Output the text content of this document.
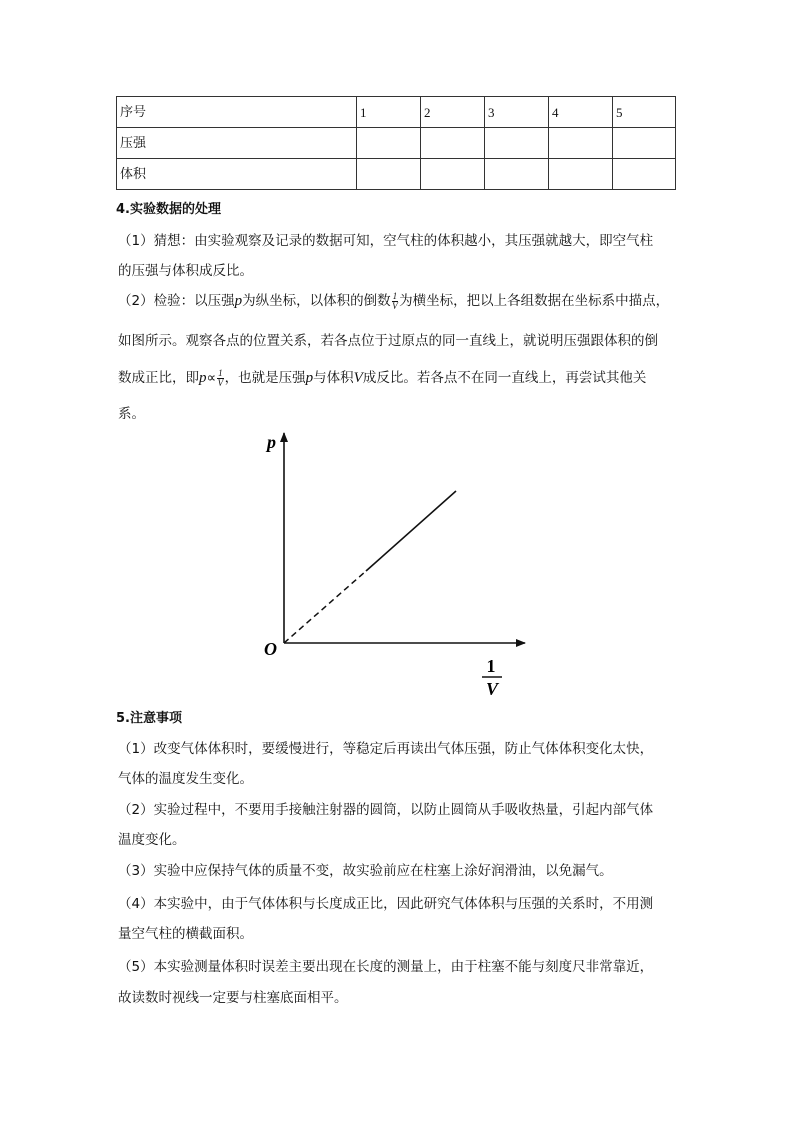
序号	1	2	3	4	5
压强					
体积					
4.实验数据的处理
（1）猜想：由实验观察及记录的数据可知，空气柱的体积越小，其压强就越大，即空气柱
的压强与体积成反比。
（2）检验：以压强p为纵坐标，以体积的倒数 $\frac{1}{V}$ 为横坐标，把以上各组数据在坐标系中描点，
如图所示。观察各点的位置关系，若各点位于过原点的同一直线上，就说明压强跟体积的倒
数成正比，即$p\propto \frac{1}{V}$ ，也就是压强p与体积V成反比。若各点不在同一直线上，再尝试其他关
系。
p
O
1
V
5.注意事项
（1）改变气体体积时，要缓慢进行，等稳定后再读出气体压强，防止气体体积变化太快，
气体的温度发生变化。
（2）实验过程中，不要用手接触注射器的圆筒，以防止圆筒从手吸收热量，引起内部气体
温度变化。
（3）实验中应保持气体的质量不变，故实验前应在柱塞上涂好润滑油，以免漏气。
（4）本实验中，由于气体体积与长度成正比，因此研究气体体积与压强的关系时，不用测
量空气柱的横截面积。
（5）本实验测量体积时误差主要出现在长度的测量上，由于柱塞不能与刻度尺非常靠近，
故读数时视线一定要与柱塞底面相平。
